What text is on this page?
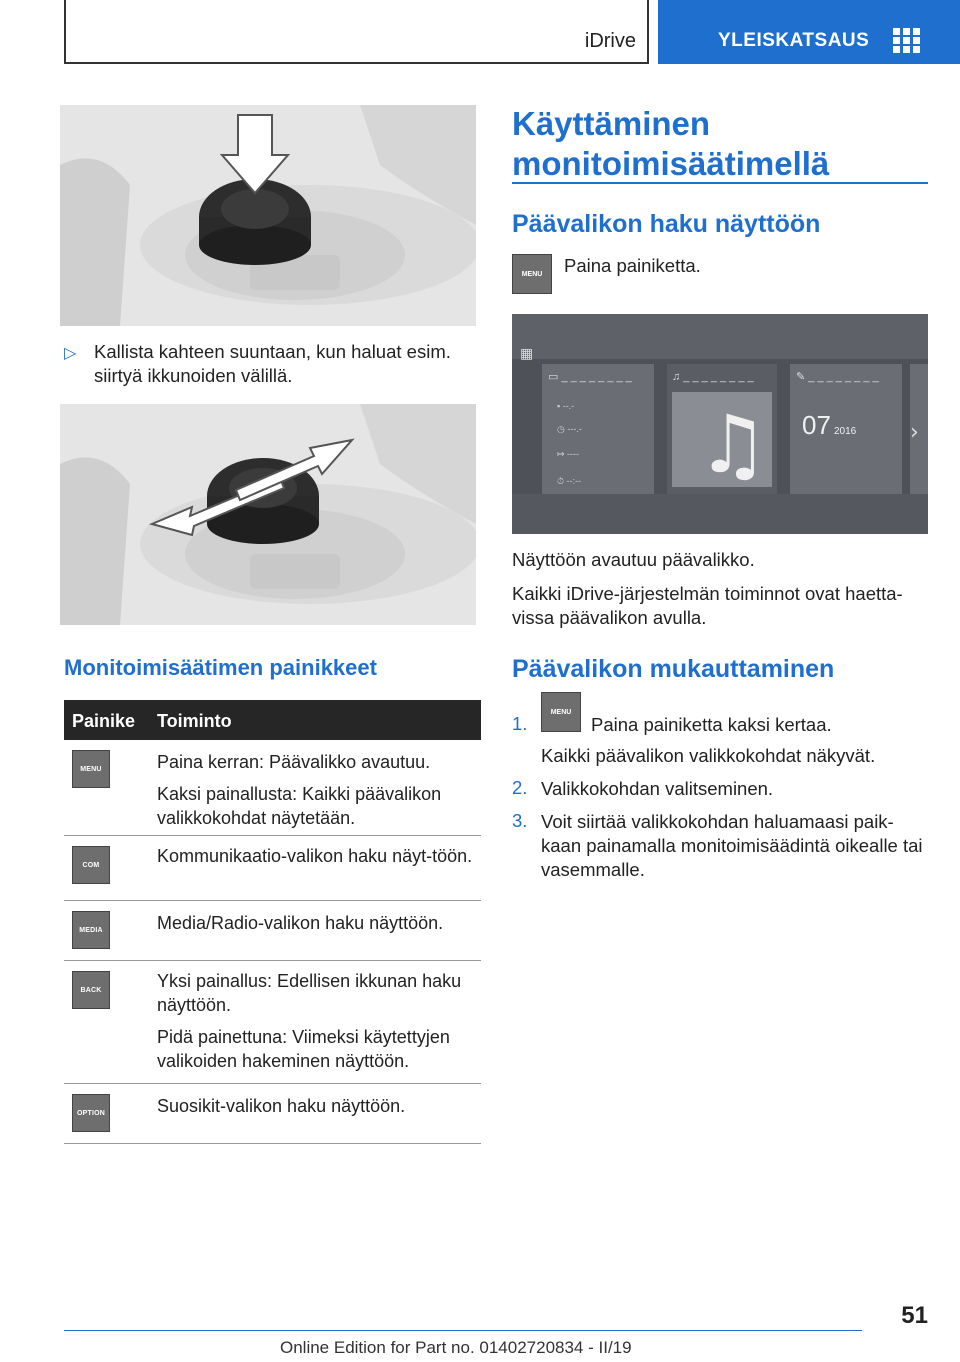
iDrive	YLEISKATSAUS
▷ Kallista kahteen suuntaan, kun haluat esim. siirtyä ikkunoiden välillä.
Monitoimisäätimen painikkeet
Painike Toiminto
MENU	Paina kerran: Päävalikko avautuu.

Kaksi painallusta: Kaikki päävalikon valikkokohdat näytetään.

COM	Kommunikaatio-valikon haku näyt-töön.

MEDIA	Media/Radio-valikon haku näyttöön.

BACK	Yksi painallus: Edellisen ikkunan haku näyttöön.

Pidä painettuna: Viimeksi käytettyjen valikoiden hakeminen näyttöön.

OPTION	Suosikit-valikon haku näyttöön.

Käyttäminen monitoimisäätimellä
Päävalikon haku näyttöön
MENU	Paina painiketta.
▭ _ _ _ _ _ _ _ _	♫ _ _ _ _ _ _ _ _	✎ _ _ _ _ _ _ _ _
♫
▪ --.-
◷ ---.-
↦ ----
⏱ --:--
▦
›
07 2016
Näyttöön avautuu päävalikko.
Kaikki iDrive-järjestelmän toiminnot ovat haetta-vissa päävalikon avulla.
Päävalikon mukauttaminen
1.
MENU
Paina painiketta kaksi kertaa.
Kaikki päävalikon valikkokohdat näkyvät.
2. Valikkokohdan valitseminen.
3. Voit siirtää valikkokohdan haluamaasi paik-kaan painamalla monitoimisäädintä oikealle tai vasemmalle.
51
Online Edition for Part no. 01402720834 - II/19
